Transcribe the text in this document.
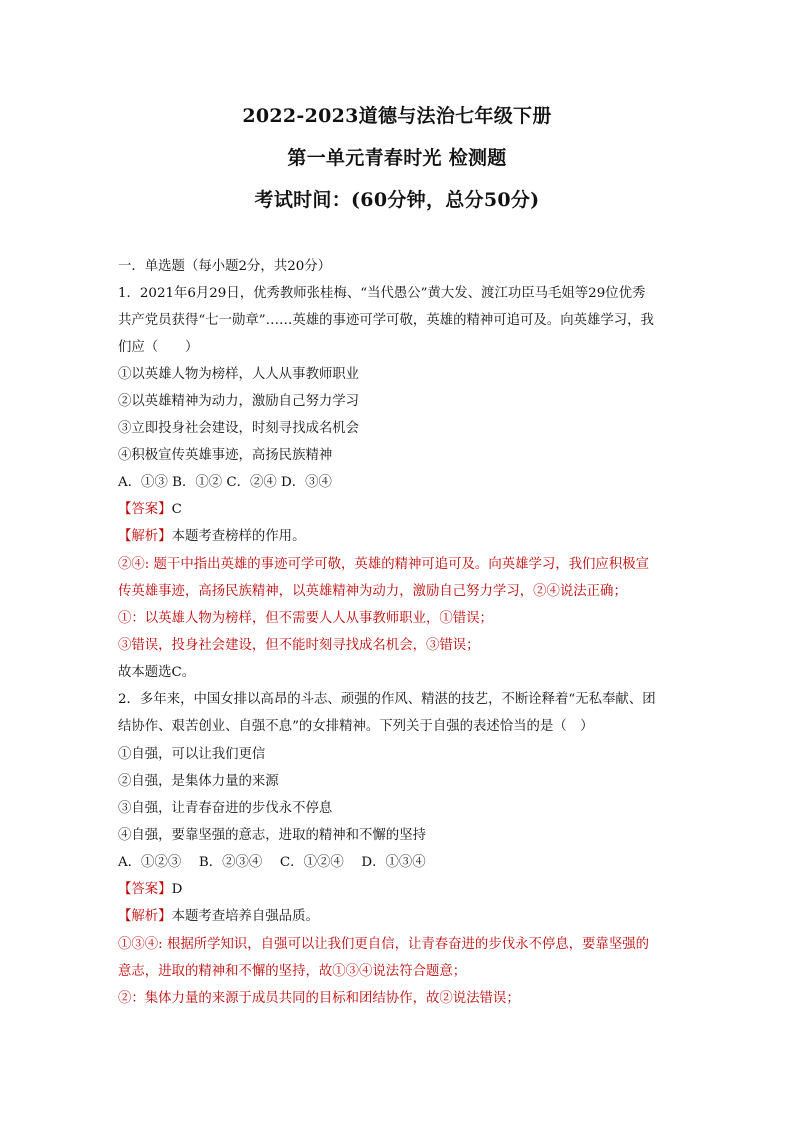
2022-2023道德与法治七年级下册
第一单元青春时光 检测题
考试时间：(60分钟，总分50分)
一．单选题（每小题2分，共20分）
1．2021年6月29日，优秀教师张桂梅、“当代愚公”黄大发、渡江功臣马毛姐等29位优秀
共产党员获得“七一勋章”……英雄的事迹可学可敬，英雄的精神可追可及。向英雄学习，我
们应（　　）
①以英雄人物为榜样，人人从事教师职业
②以英雄精神为动力，激励自己努力学习
③立即投身社会建设，时刻寻找成名机会
④积极宣传英雄事迹，高扬民族精神
A．①③ B．①② C．②④ D．③④
【答案】C
【解析】本题考查榜样的作用。
②④: 题干中指出英雄的事迹可学可敬，英雄的精神可追可及。向英雄学习，我们应积极宣
传英雄事迹，高扬民族精神，以英雄精神为动力，激励自己努力学习，②④说法正确；
①：以英雄人物为榜样，但不需要人人从事教师职业，①错误；
③错误，投身社会建设，但不能时刻寻找成名机会，③错误；
故本题选C。
2．多年来，中国女排以高昂的斗志、顽强的作风、精湛的技艺，不断诠释着“无私奉献、团
结协作、艰苦创业、自强不息”的女排精神。下列关于自强的表述恰当的是（　）
①自强，可以让我们更信
②自强，是集体力量的来源
③自强，让青春奋进的步伐永不停息
④自强，要靠坚强的意志，进取的精神和不懈的坚持
A．①②③　 B．②③④　 C．①②④　 D．①③④
【答案】D
【解析】本题考查培养自强品质。
①③④: 根据所学知识，自强可以让我们更自信，让青春奋进的步伐永不停息，要靠坚强的
意志，进取的精神和不懈的坚持，故①③④说法符合题意；
②：集体力量的来源于成员共同的目标和团结协作，故②说法错误；
